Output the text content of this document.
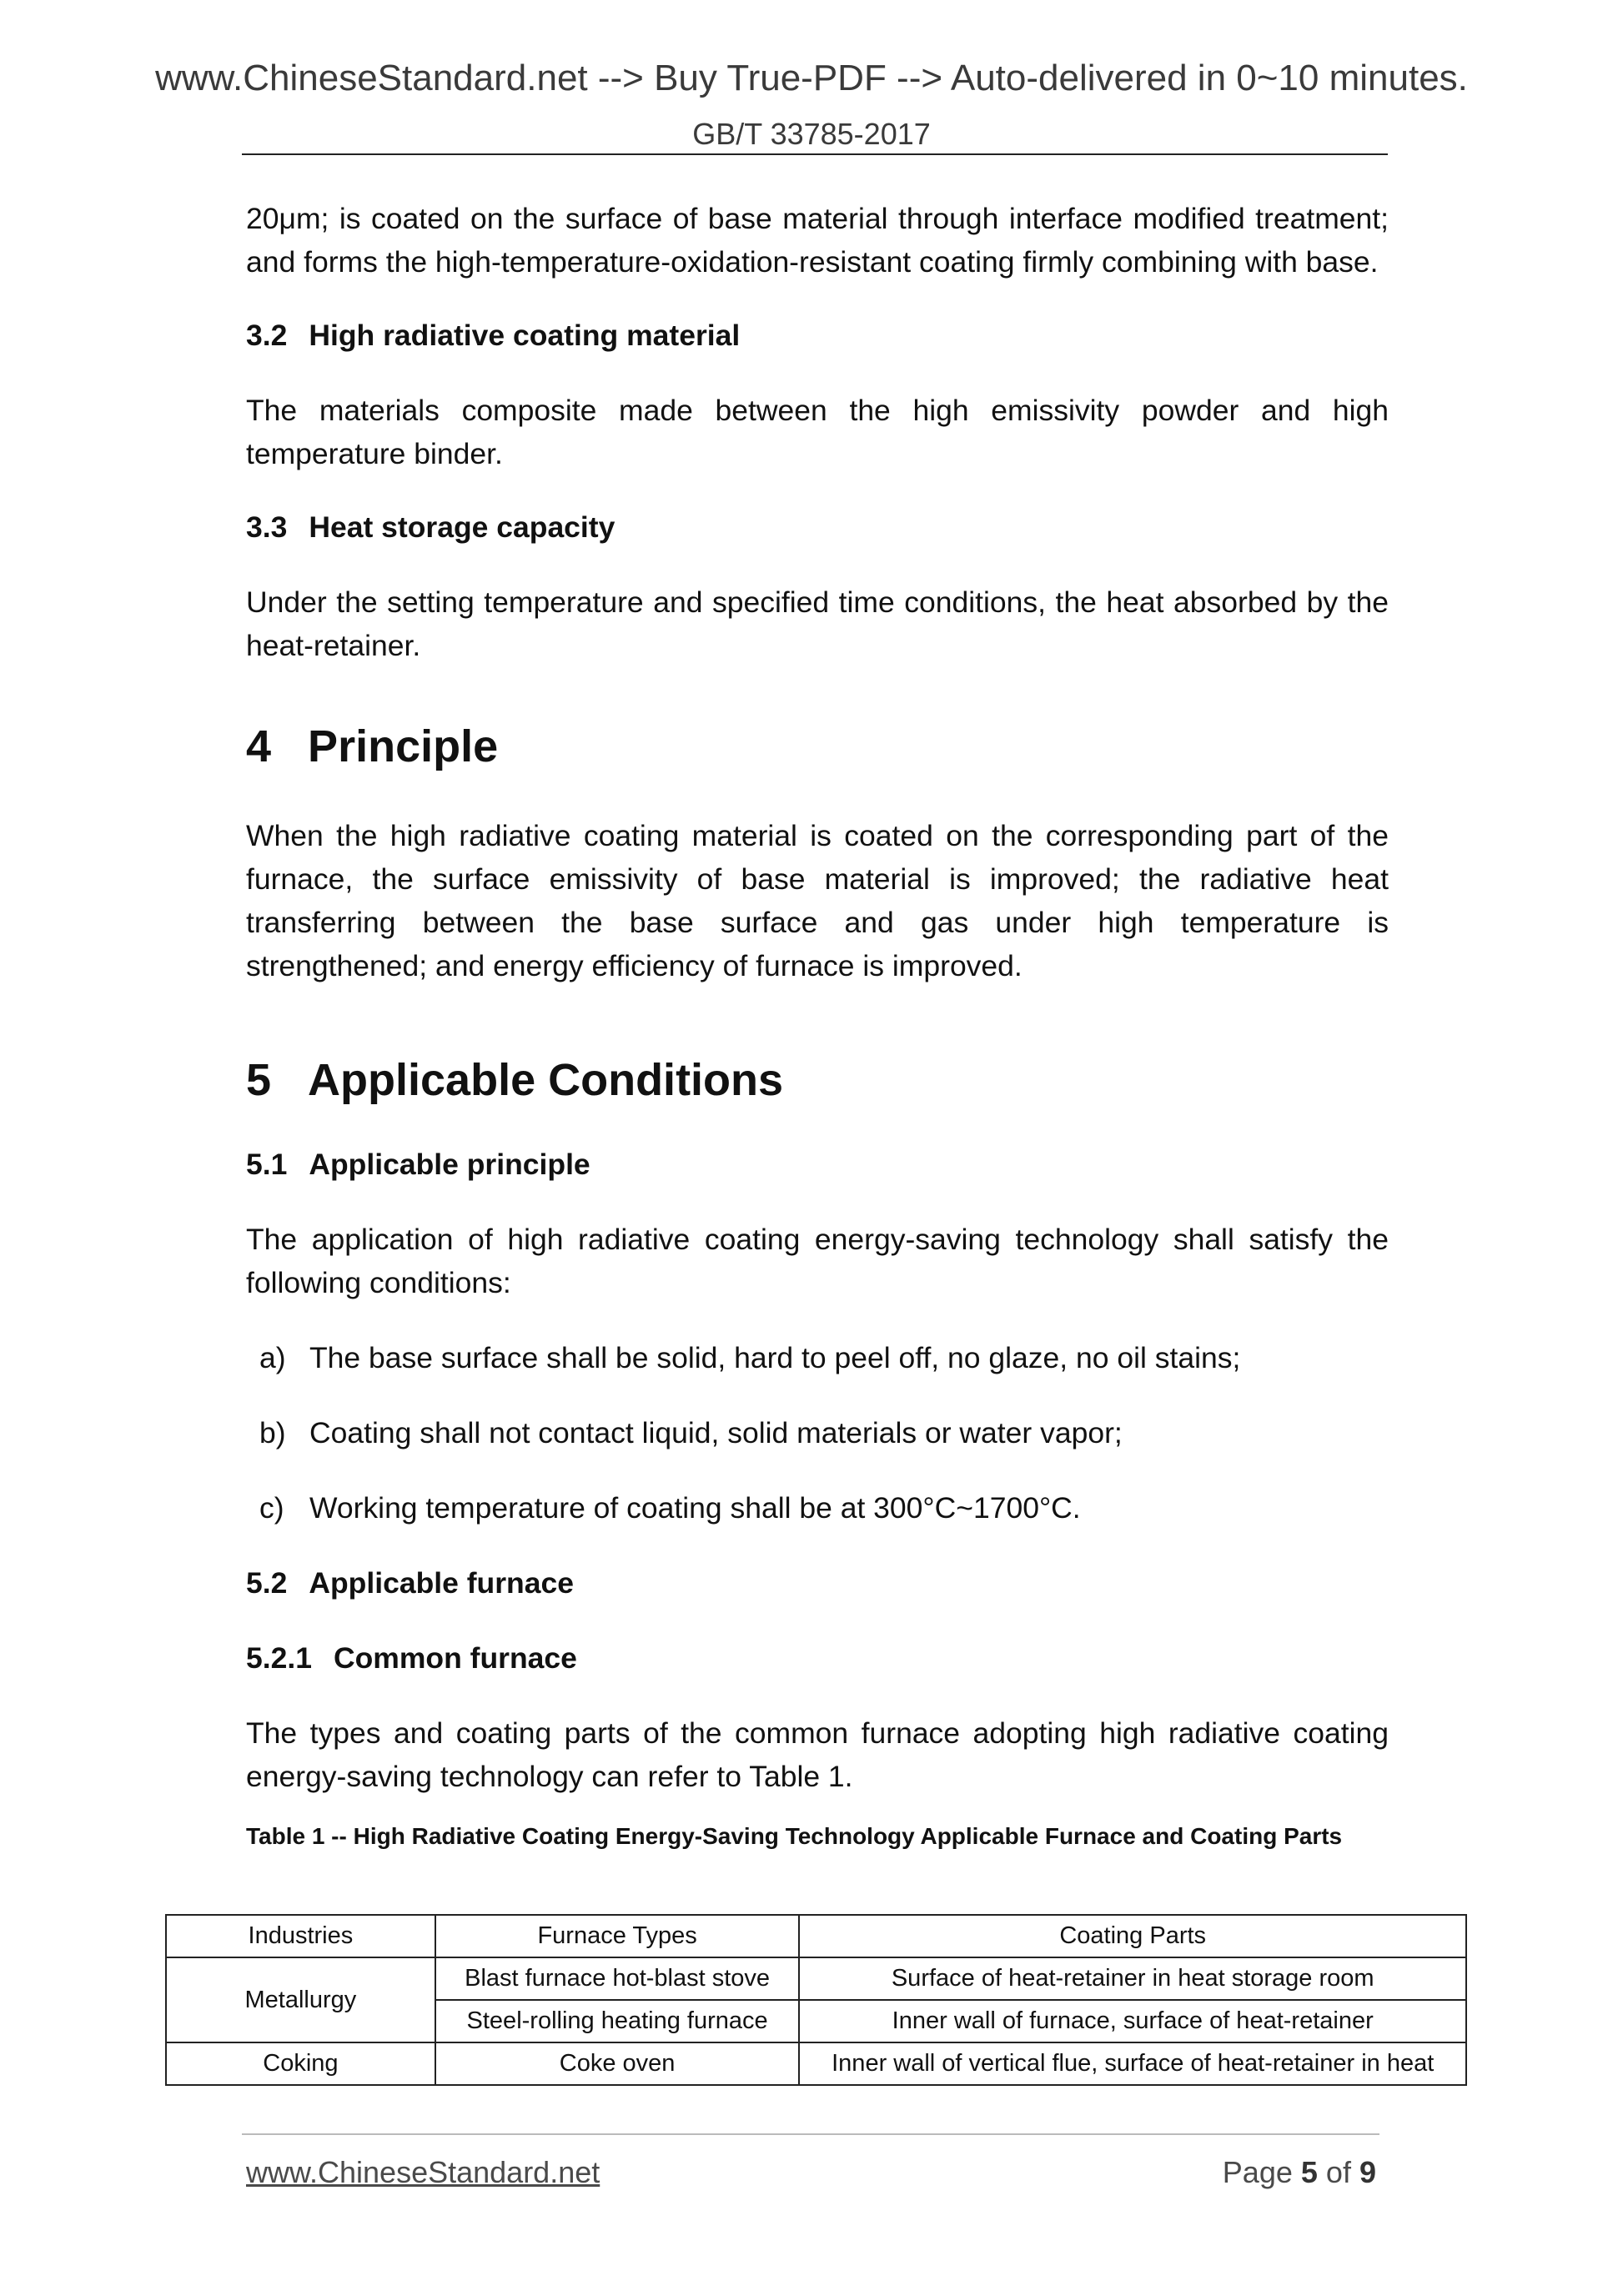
www.ChineseStandard.net --> Buy True-PDF --> Auto-delivered in 0~10 minutes.
GB/T 33785-2017

20μm; is coated on the surface of base material through interface modified treatment; and forms the high-temperature-oxidation-resistant coating firmly combining with base.

3.2 High radiative coating material

The materials composite made between the high emissivity powder and high temperature binder.

3.3 Heat storage capacity

Under the setting temperature and specified time conditions, the heat absorbed by the heat-retainer.

4 Principle

When the high radiative coating material is coated on the corresponding part of the furnace, the surface emissivity of base material is improved; the radiative heat transferring between the base surface and gas under high temperature is strengthened; and energy efficiency of furnace is improved.

5 Applicable Conditions
5.1 Applicable principle

The application of high radiative coating energy-saving technology shall satisfy the following conditions:

a) The base surface shall be solid, hard to peel off, no glaze, no oil stains;

b) Coating shall not contact liquid, solid materials or water vapor;

c) Working temperature of coating shall be at 300°C~1700°C.

5.2 Applicable furnace
5.2.1 Common furnace

The types and coating parts of the common furnace adopting high radiative coating energy-saving technology can refer to Table 1.

Table 1 -- High Radiative Coating Energy-Saving Technology Applicable Furnace and Coating Parts

Industries	Furnace Types	Coating Parts
Metallurgy	Blast furnace hot-blast stove	Surface of heat-retainer in heat storage room
	Steel-rolling heating furnace	Inner wall of furnace, surface of heat-retainer
Coking	Coke oven	Inner wall of vertical flue, surface of heat-retainer in heat
www.ChineseStandard.net	Page 5 of 9
